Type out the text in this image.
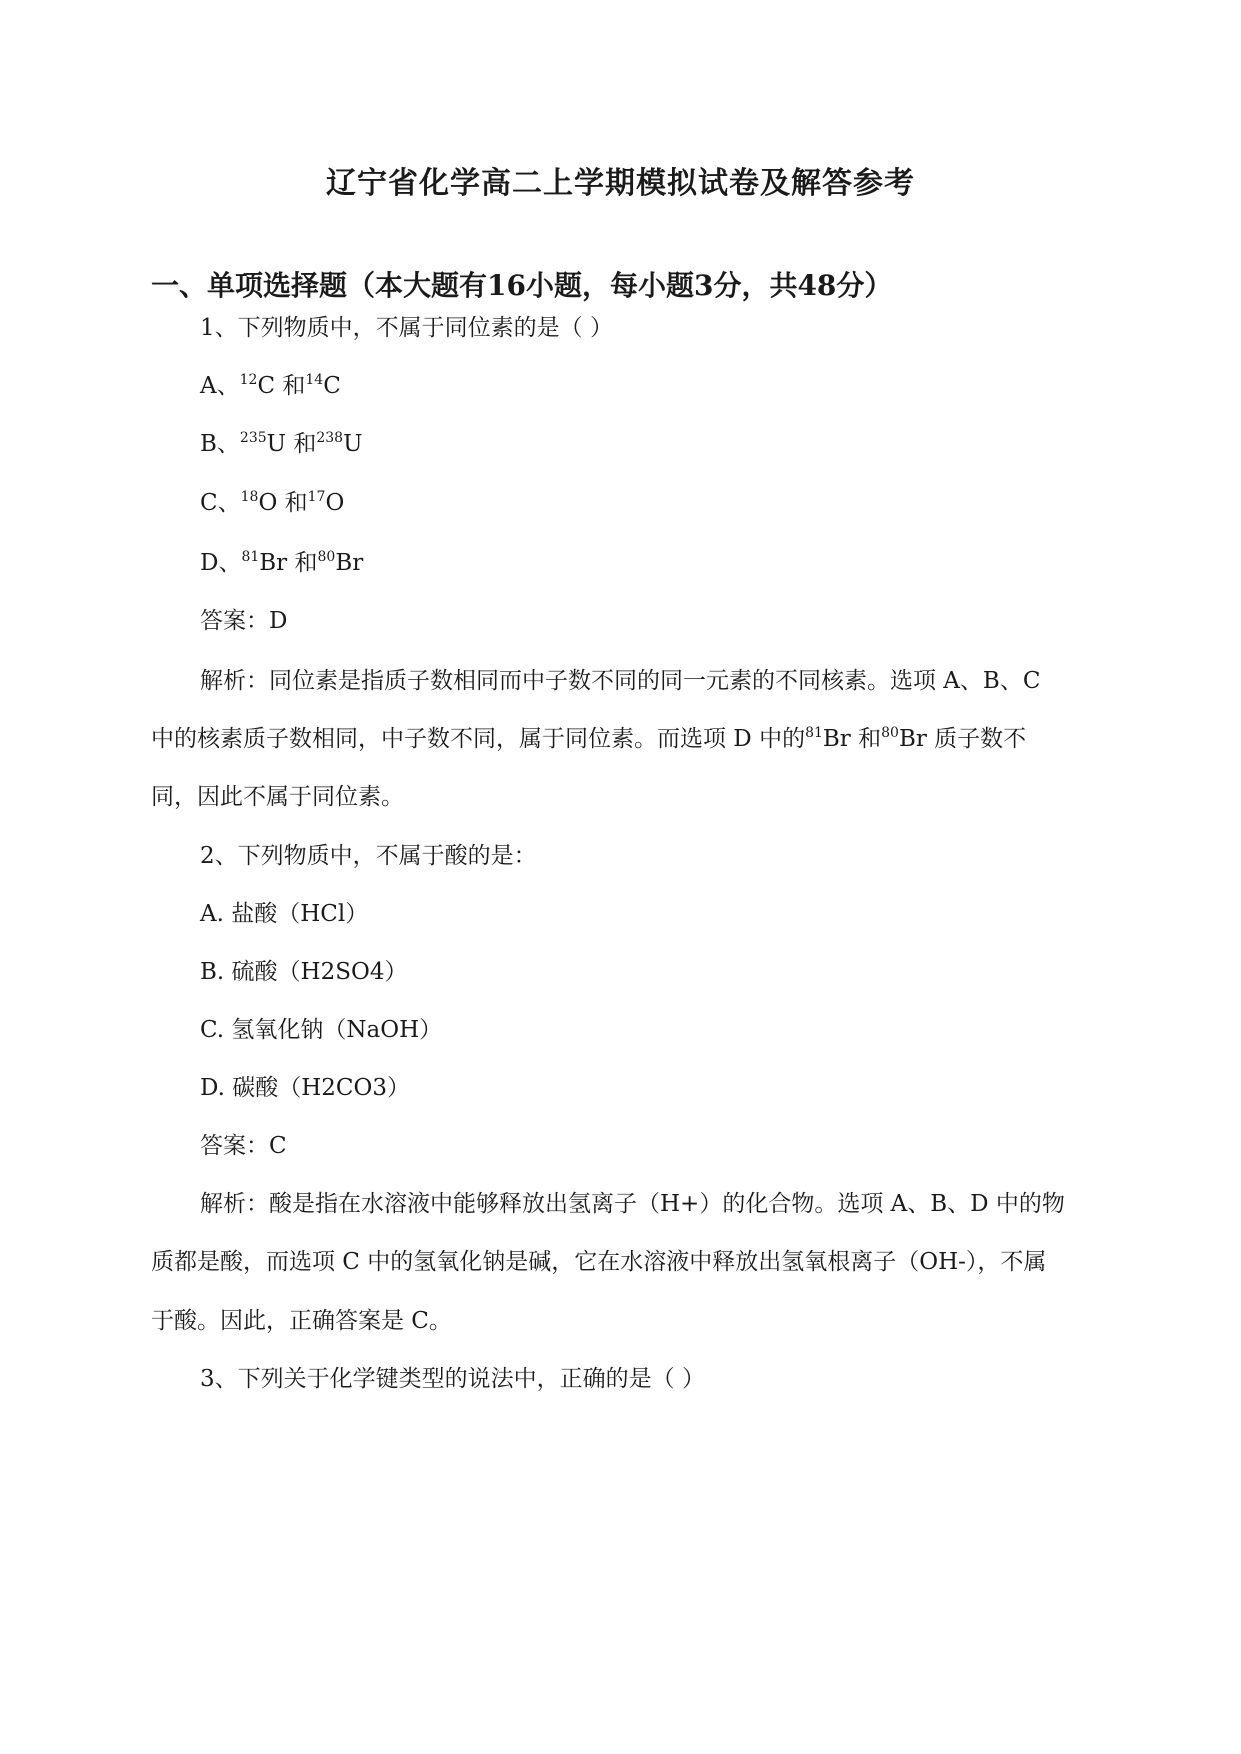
辽宁省化学高二上学期模拟试卷及解答参考
一、单项选择题（本大题有16小题，每小题3分，共48分）
1、下列物质中，不属于同位素的是（ ）
A、$^{12}$C 和$^{14}$C
B、$^{235}$U 和$^{238}$U
C、$^{18}$O 和$^{17}$O
D、$^{81}$Br 和$^{80}$Br
答案：D
解析：同位素是指质子数相同而中子数不同的同一元素的不同核素。选项 A、B、C
中的核素质子数相同，中子数不同，属于同位素。而选项 D 中的$^{81}$Br 和$^{80}$Br 质子数不
同，因此不属于同位素。
2、下列物质中，不属于酸的是：
A. 盐酸（HCl）
B. 硫酸（H2SO4）
C. 氢氧化钠（NaOH）
D. 碳酸（H2CO3）
答案：C
解析：酸是指在水溶液中能够释放出氢离子（H+）的化合物。选项 A、B、D 中的物
质都是酸，而选项 C 中的氢氧化钠是碱，它在水溶液中释放出氢氧根离子（OH-），不属
于酸。因此，正确答案是 C。
3、下列关于化学键类型的说法中，正确的是（ ）
